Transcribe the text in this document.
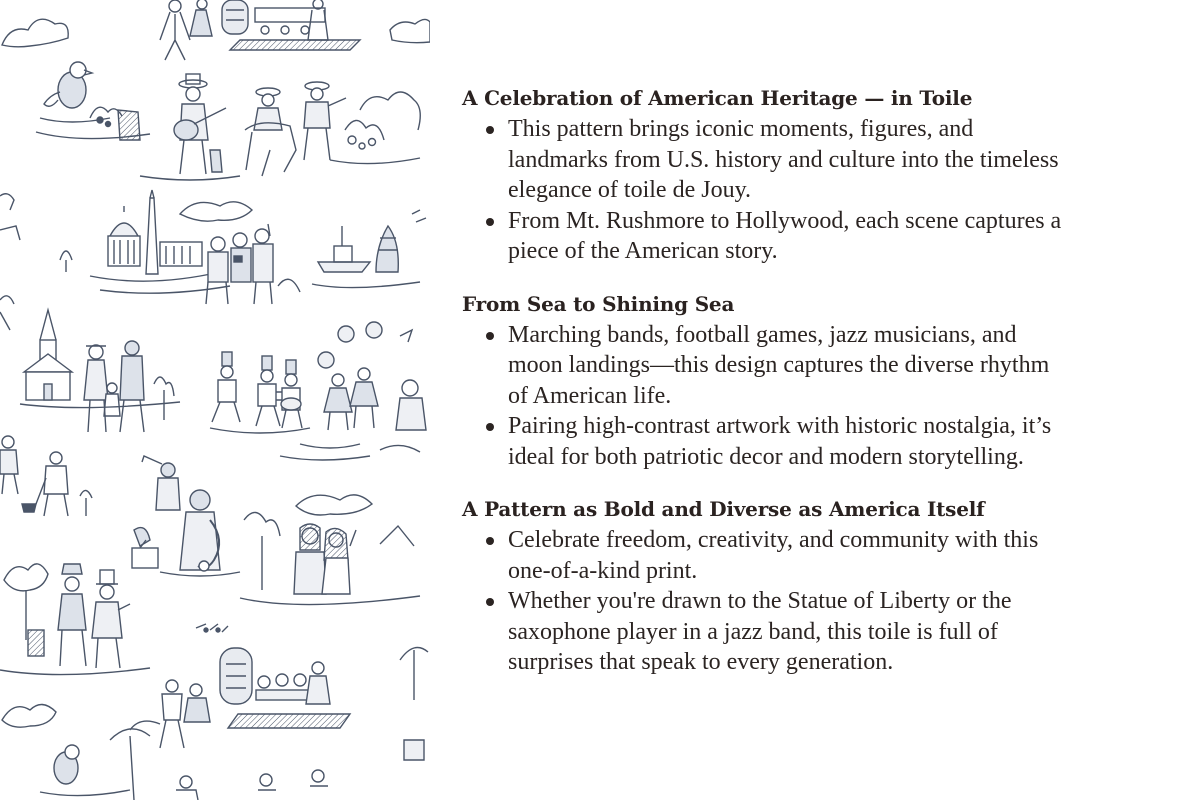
A Celebration of American Heritage — in Toile
This pattern brings iconic moments, figures, and landmarks from U.S. history and culture into the timeless elegance of toile de Jouy.
From Mt. Rushmore to Hollywood, each scene captures a piece of the American story.
From Sea to Shining Sea
Marching bands, football games, jazz musicians, and moon landings—this design captures the diverse rhythm of American life.
Pairing high-contrast artwork with historic nostalgia, it’s ideal for both patriotic decor and modern storytelling.
A Pattern as Bold and Diverse as America Itself
Celebrate freedom, creativity, and community with this one-of-a-kind print.
Whether you're drawn to the Statue of Liberty or the saxophone player in a jazz band, this toile is full of surprises that speak to every generation.
